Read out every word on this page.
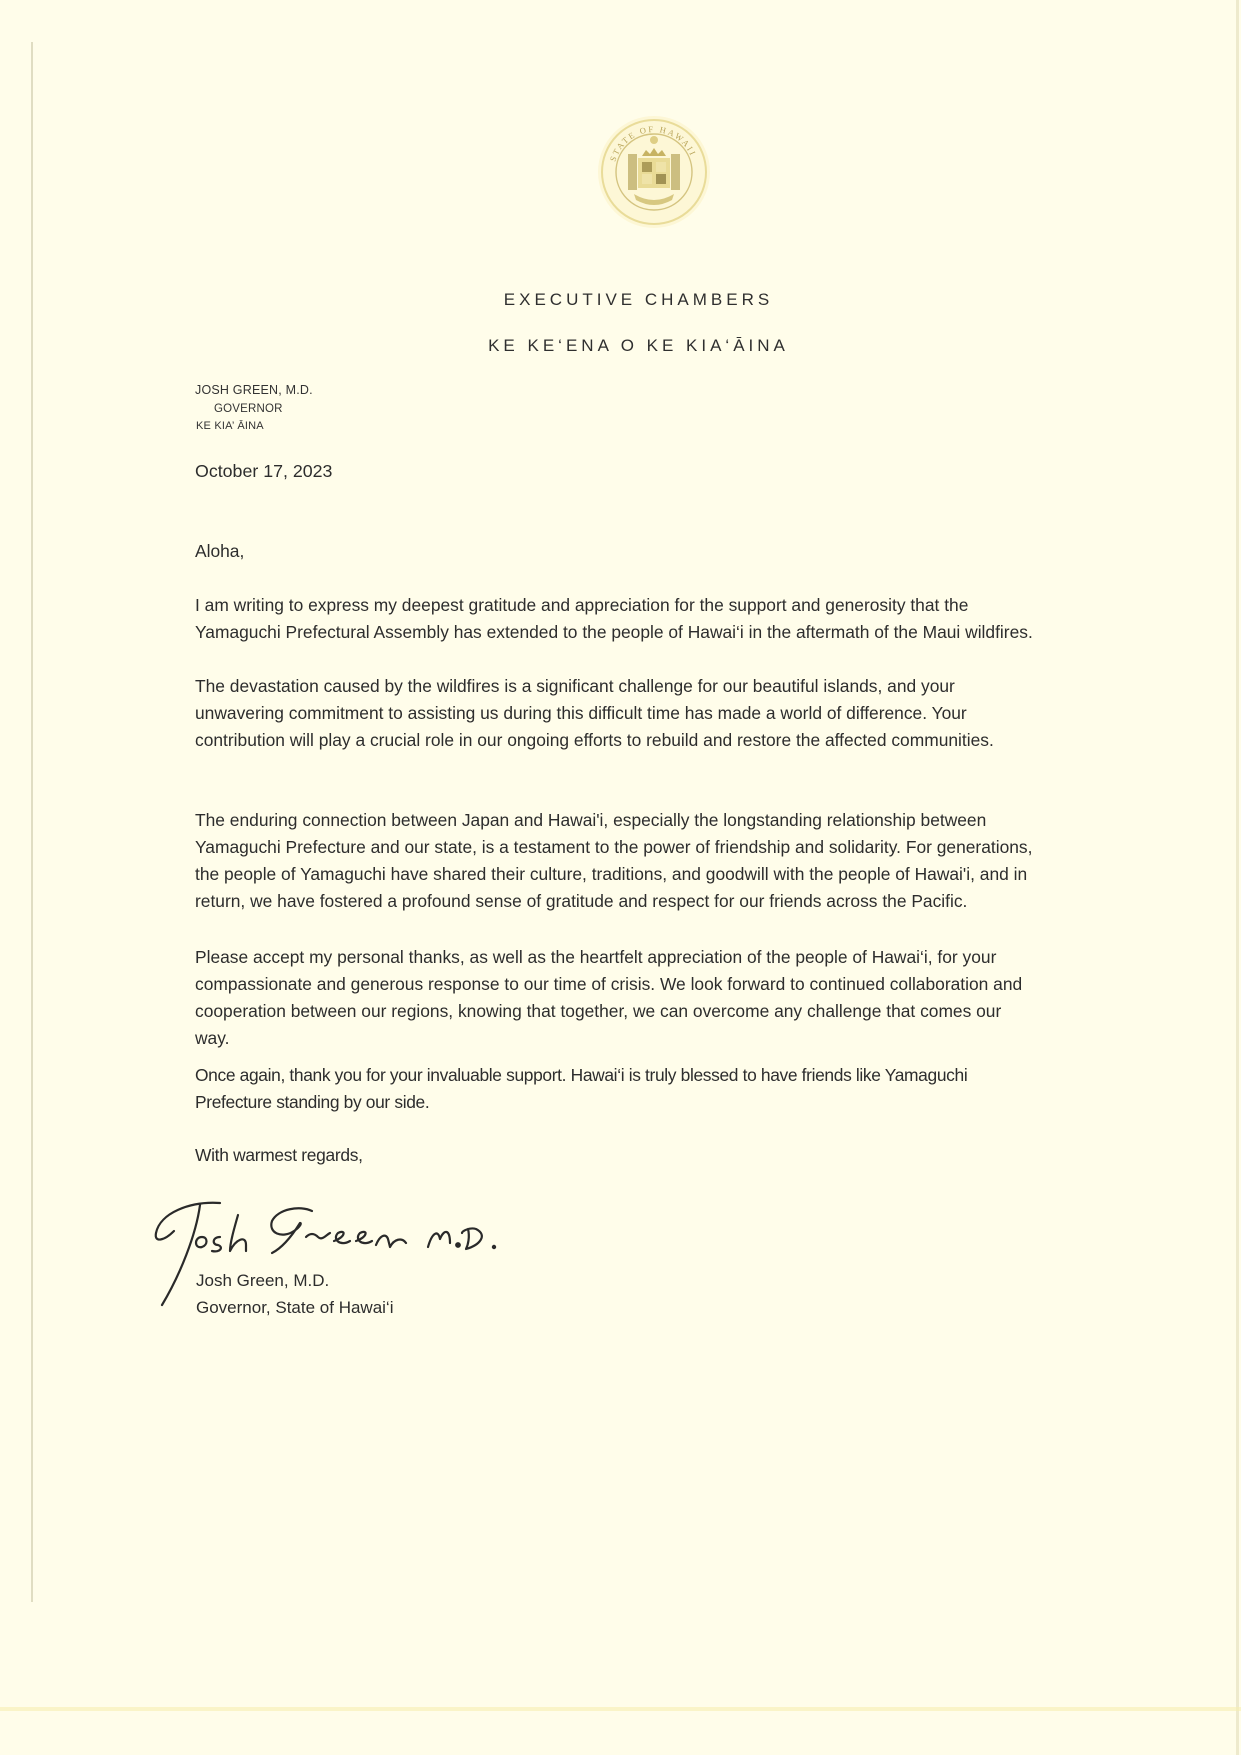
STATE OF HAWAII
EXECUTIVE CHAMBERS
KE KE‘ENA O KE KIA‘ĀINA
JOSH GREEN, M.D.
GOVERNOR
KE KIA’ ĀINA
October 17, 2023
Aloha,
I am writing to express my deepest gratitude and appreciation for the support and generosity that the
Yamaguchi Prefectural Assembly has extended to the people of Hawai‘i in the aftermath of the Maui wildfires.
The devastation caused by the wildfires is a significant challenge for our beautiful islands, and your
unwavering commitment to assisting us during this difficult time has made a world of difference. Your
contribution will play a crucial role in our ongoing efforts to rebuild and restore the affected communities.
The enduring connection between Japan and Hawai'i, especially the longstanding relationship between
Yamaguchi Prefecture and our state, is a testament to the power of friendship and solidarity. For generations,
the people of Yamaguchi have shared their culture, traditions, and goodwill with the people of Hawai'i, and in
return, we have fostered a profound sense of gratitude and respect for our friends across the Pacific.
Please accept my personal thanks, as well as the heartfelt appreciation of the people of Hawai‘i, for your
compassionate and generous response to our time of crisis. We look forward to continued collaboration and
cooperation between our regions, knowing that together, we can overcome any challenge that comes our
way.
Once again, thank you for your invaluable support. Hawai‘i is truly blessed to have friends like Yamaguchi
Prefecture standing by our side.
With warmest regards,
Josh Green, M.D.
Governor, State of Hawai‘i
